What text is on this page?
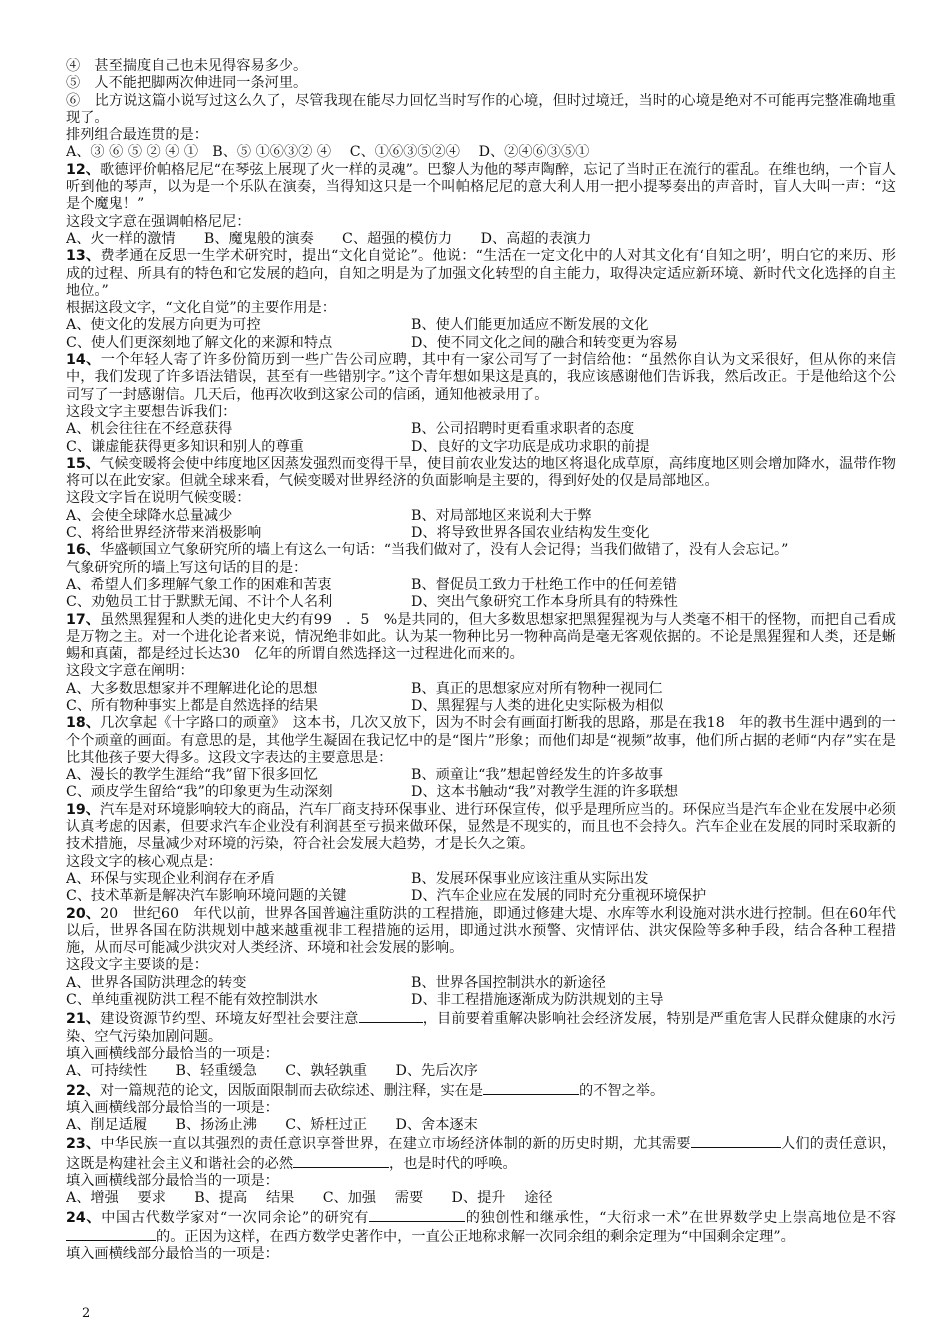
④　甚至揣度自己也未见得容易多少。
⑤　人不能把脚两次伸进同一条河里。
⑥　比方说这篇小说写过这么久了，尽管我现在能尽力回忆当时写作的心境，但时过境迁，当时的心境是绝对不可能再完整准确地重现了。
排列组合最连贯的是：
A、③ ⑥ ⑤ ② ④ ①　B、⑤ ①⑥③② ④　 C、①⑥③⑤②④　 D、②④⑥③⑤①
12、歌德评价帕格尼尼“在琴弦上展现了火一样的灵魂”。巴黎人为他的琴声陶醉，忘记了当时正在流行的霍乱。在维也纳，一个盲人听到他的琴声，以为是一个乐队在演奏，当得知这只是一个叫帕格尼尼的意大利人用一把小提琴奏出的声音时，盲人大叫一声：“这是个魔鬼！”
这段文字意在强调帕格尼尼：
A、火一样的激情　　B、魔鬼般的演奏　　C、超强的模仿力　　D、高超的表演力
13、费孝通在反思一生学术研究时，提出“文化自觉论”。他说：“生活在一定文化中的人对其文化有‘自知之明’，明白它的来历、形成的过程、所具有的特色和它发展的趋向，自知之明是为了加强文化转型的自主能力，取得决定适应新环境、新时代文化选择的自主地位。”
根据这段文字，“文化自觉”的主要作用是：
A、使文化的发展方向更为可控	B、使人们能更加适应不断发展的文化
C、使人们更深刻地了解文化的来源和特点	D、使不同文化之间的融合和转变更为容易
14、一个年轻人寄了许多份简历到一些广告公司应聘，其中有一家公司写了一封信给他：“虽然你自认为文采很好，但从你的来信中，我们发现了许多语法错误，甚至有一些错别字。”这个青年想如果这是真的，我应该感谢他们告诉我，然后改正。于是他给这个公司写了一封感谢信。几天后，他再次收到这家公司的信函，通知他被录用了。
这段文字主要想告诉我们：
A、机会往往在不经意获得	B、公司招聘时更看重求职者的态度
C、谦虚能获得更多知识和别人的尊重	D、良好的文字功底是成功求职的前提
15、气候变暖将会使中纬度地区因蒸发强烈而变得干旱，使目前农业发达的地区将退化成草原，高纬度地区则会增加降水，温带作物将可以在此安家。但就全球来看，气候变暖对世界经济的负面影响是主要的，得到好处的仅是局部地区。
这段文字旨在说明气候变暖：
A、会使全球降水总量减少	B、对局部地区来说利大于弊
C、将给世界经济带来消极影响	D、将导致世界各国农业结构发生变化
16、华盛顿国立气象研究所的墙上有这么一句话：“当我们做对了，没有人会记得；当我们做错了，没有人会忘记。”
气象研究所的墙上写这句话的目的是：
A、希望人们多理解气象工作的困难和苦衷	B、督促员工致力于杜绝工作中的任何差错
C、劝勉员工甘于默默无闻、不计个人名利	D、突出气象研究工作本身所具有的特殊性
17、虽然黑猩猩和人类的进化史大约有99　．5　%是共同的，但大多数思想家把黑猩猩视为与人类毫不相干的怪物，而把自己看成是万物之主。对一个进化论者来说，情况绝非如此。认为某一物种比另一物种高尚是毫无客观依据的。不论是黑猩猩和人类，还是蜥蜴和真菌，都是经过长达30　亿年的所谓自然选择这一过程进化而来的。
这段文字意在阐明：
A、大多数思想家并不理解进化论的思想	B、真正的思想家应对所有物种一视同仁
C、所有物种事实上都是自然选择的结果	D、黑猩猩与人类的进化史实际极为相似
18、几次拿起《十字路口的顽童》　这本书，几次又放下，因为不时会有画面打断我的思路，那是在我18　年的教书生涯中遇到的一个个顽童的画面。有意思的是，其他学生凝固在我记忆中的是“图片”形象；而他们却是“视频”故事，他们所占据的老师“内存”实在是比其他孩子要大得多。这段文字表达的主要意思是：
A、漫长的教学生涯给“我”留下很多回忆	B、顽童让“我”想起曾经发生的许多故事
C、顽皮学生留给“我”的印象更为生动深刻	D、这本书触动“我”对教学生涯的许多联想
19、汽车是对环境影响较大的商品，汽车厂商支持环保事业、进行环保宣传，似乎是理所应当的。环保应当是汽车企业在发展中必须认真考虑的因素，但要求汽车企业没有利润甚至亏损来做环保，显然是不现实的，而且也不会持久。汽车企业在发展的同时采取新的技术措施，尽量减少对环境的污染，符合社会发展大趋势，才是长久之策。
这段文字的核心观点是：
A、环保与实现企业利润存在矛盾	B、发展环保事业应该注重从实际出发
C、技术革新是解决汽车影响环境问题的关键	D、汽车企业应在发展的同时充分重视环境保护
20、20　世纪60　年代以前，世界各国普遍注重防洪的工程措施，即通过修建大堤、水库等水利设施对洪水进行控制。但在60年代以后，世界各国在防洪规划中越来越重视非工程措施的运用，即通过洪水预警、灾情评估、洪灾保险等多种手段，结合各种工程措施，从而尽可能减少洪灾对人类经济、环境和社会发展的影响。
这段文字主要谈的是：
A、世界各国防洪理念的转变	B、世界各国控制洪水的新途径
C、单纯重视防洪工程不能有效控制洪水	D、非工程措施逐渐成为防洪规划的主导
21、建设资源节约型、环境友好型社会要注意	，目前要着重解决影响社会经济发展，特别是严重危害人民群众健康的水污染、空气污染加剧问题。
填入画横线部分最恰当的一项是：
A、可持续性　　B、轻重缓急　　C、孰轻孰重　　D、先后次序
22、对一篇规范的论文，因版面限制而去砍综述、删注释，实在是	的不智之举。
填入画横线部分最恰当的一项是：
A、削足适履　　B、扬汤止沸　　C、矫枉过正　　D、舍本逐末
23、中华民族一直以其强烈的责任意识享誉世界，在建立市场经济体制的新的历史时期，尤其需要	人们的责任意识，这既是构建社会主义和谐社会的必然	，也是时代的呼唤。
填入画横线部分最恰当的一项是：
A、增强　 要求　　B、提高　 结果　　C、加强　 需要　　D、提升　 途径
24、中国古代数学家对“一次同余论”的研究有	的独创性和继承性，“大衍求一术”在世界数学史上崇高地位是不容的。正因为这样，在西方数学史著作中，一直公正地称求解一次同余组的剩余定理为“中国剩余定理”。
填入画横线部分最恰当的一项是：
2
